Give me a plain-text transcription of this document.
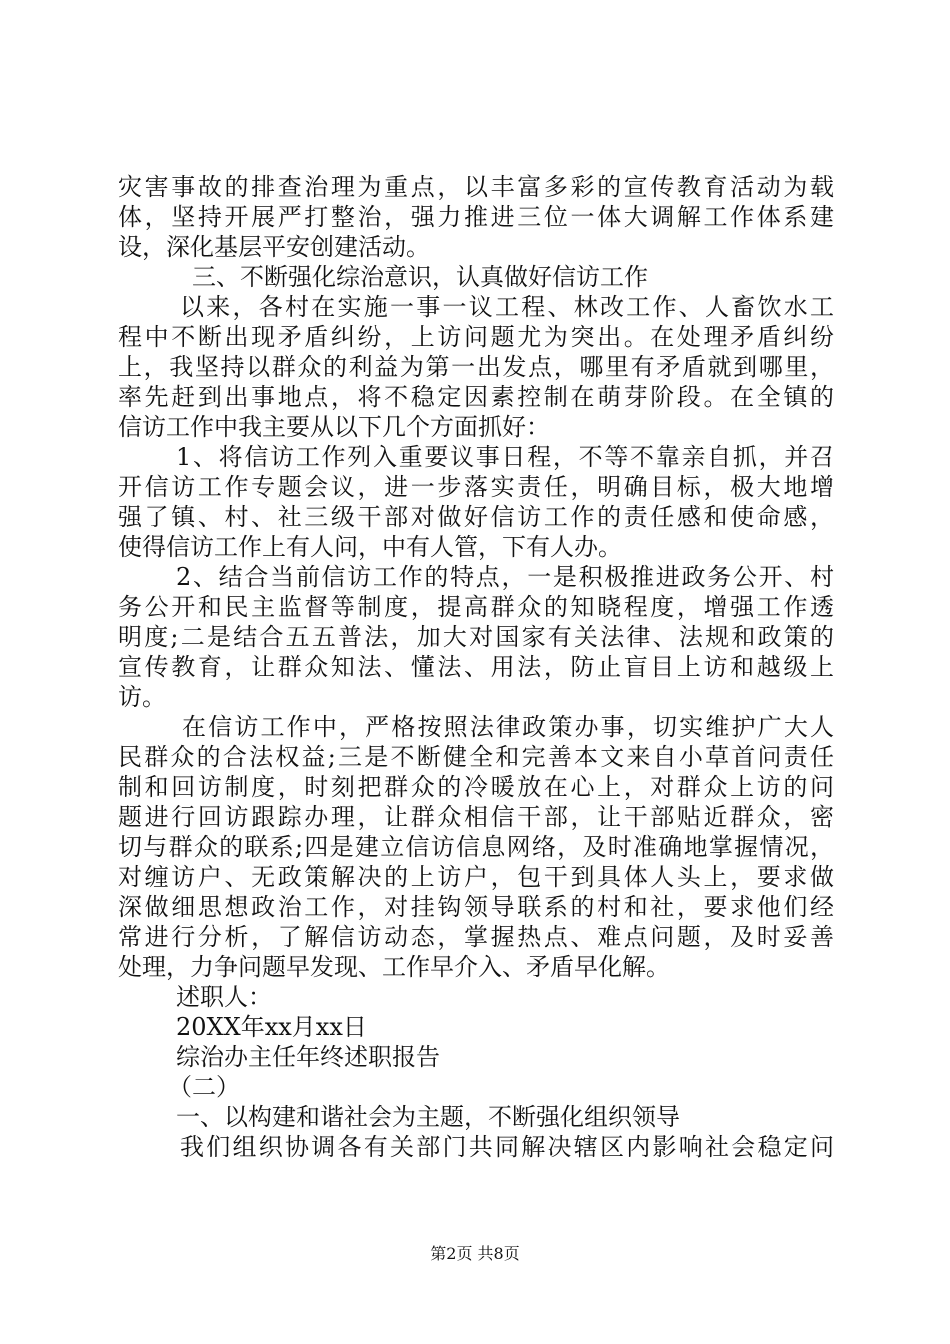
灾害事故的排查治理为重点，以丰富多彩的宣传教育活动为载
体，坚持开展严打整治，强力推进三位一体大调解工作体系建
设，深化基层平安创建活动。
三、不断强化综治意识，认真做好信访工作
以来，各村在实施一事一议工程、林改工作、人畜饮水工
程中不断出现矛盾纠纷，上访问题尤为突出。在处理矛盾纠纷
上，我坚持以群众的利益为第一出发点，哪里有矛盾就到哪里，
率先赶到出事地点，将不稳定因素控制在萌芽阶段。在全镇的
信访工作中我主要从以下几个方面抓好：
1、将信访工作列入重要议事日程，不等不靠亲自抓，并召
开信访工作专题会议，进一步落实责任，明确目标，极大地增
强了镇、村、社三级干部对做好信访工作的责任感和使命感，
使得信访工作上有人问，中有人管，下有人办。
2、结合当前信访工作的特点，一是积极推进政务公开、村
务公开和民主监督等制度，提高群众的知晓程度，增强工作透
明度;二是结合五五普法，加大对国家有关法律、法规和政策的
宣传教育，让群众知法、懂法、用法，防止盲目上访和越级上
访。
在信访工作中，严格按照法律政策办事，切实维护广大人
民群众的合法权益;三是不断健全和完善本文来自小草首问责任
制和回访制度，时刻把群众的冷暖放在心上，对群众上访的问
题进行回访跟踪办理，让群众相信干部，让干部贴近群众，密
切与群众的联系;四是建立信访信息网络，及时准确地掌握情况，
对缠访户、无政策解决的上访户，包干到具体人头上，要求做
深做细思想政治工作，对挂钩领导联系的村和社，要求他们经
常进行分析，了解信访动态，掌握热点、难点问题，及时妥善
处理，力争问题早发现、工作早介入、矛盾早化解。
述职人：
20XX年xx月xx日
综治办主任年终述职报告
（二）
一、以构建和谐社会为主题，不断强化组织领导
我们组织协调各有关部门共同解决辖区内影响社会稳定问
第2页 共8页
